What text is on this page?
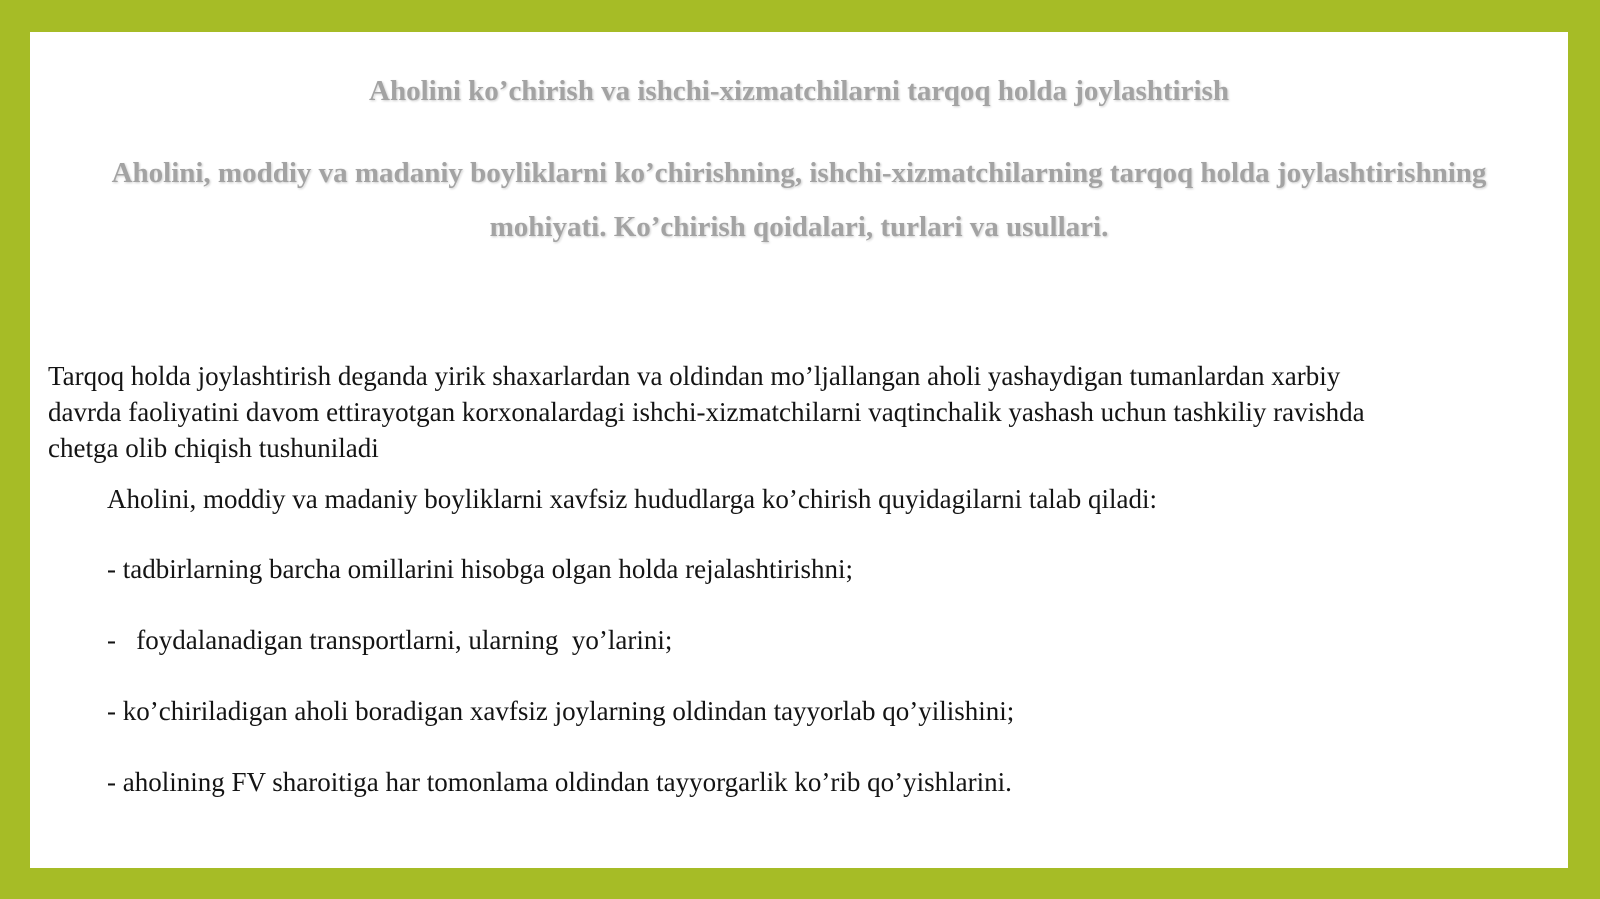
Aholini ko’chirish va ishchi-xizmatchilarni tarqoq holda joylashtirish
Aholini, moddiy va madaniy boyliklarni ko’chirishning, ishchi-xizmatchilarning tarqoq holda joylashtirishning
mohiyati. Ko’chirish qoidalari, turlari va usullari.
Tarqoq holda joylashtirish deganda yirik shaxarlardan va oldindan mo’ljallangan aholi yashaydigan tumanlardan xarbiy
davrda faoliyatini davom ettirayotgan korxonalardagi ishchi-xizmatchilarni vaqtinchalik yashash uchun tashkiliy ravishda
chetga olib chiqish tushuniladi
Aholini, moddiy va madaniy boyliklarni xavfsiz hududlarga ko’chirish quyidagilarni talab qiladi:
- tadbirlarning barcha omillarini hisobga olgan holda rejalashtirishni;
-   foydalanadigan transportlarni, ularning  yo’larini;
- ko’chiriladigan aholi boradigan xavfsiz joylarning oldindan tayyorlab qo’yilishini;
- aholining FV sharoitiga har tomonlama oldindan tayyorgarlik ko’rib qo’yishlarini.
